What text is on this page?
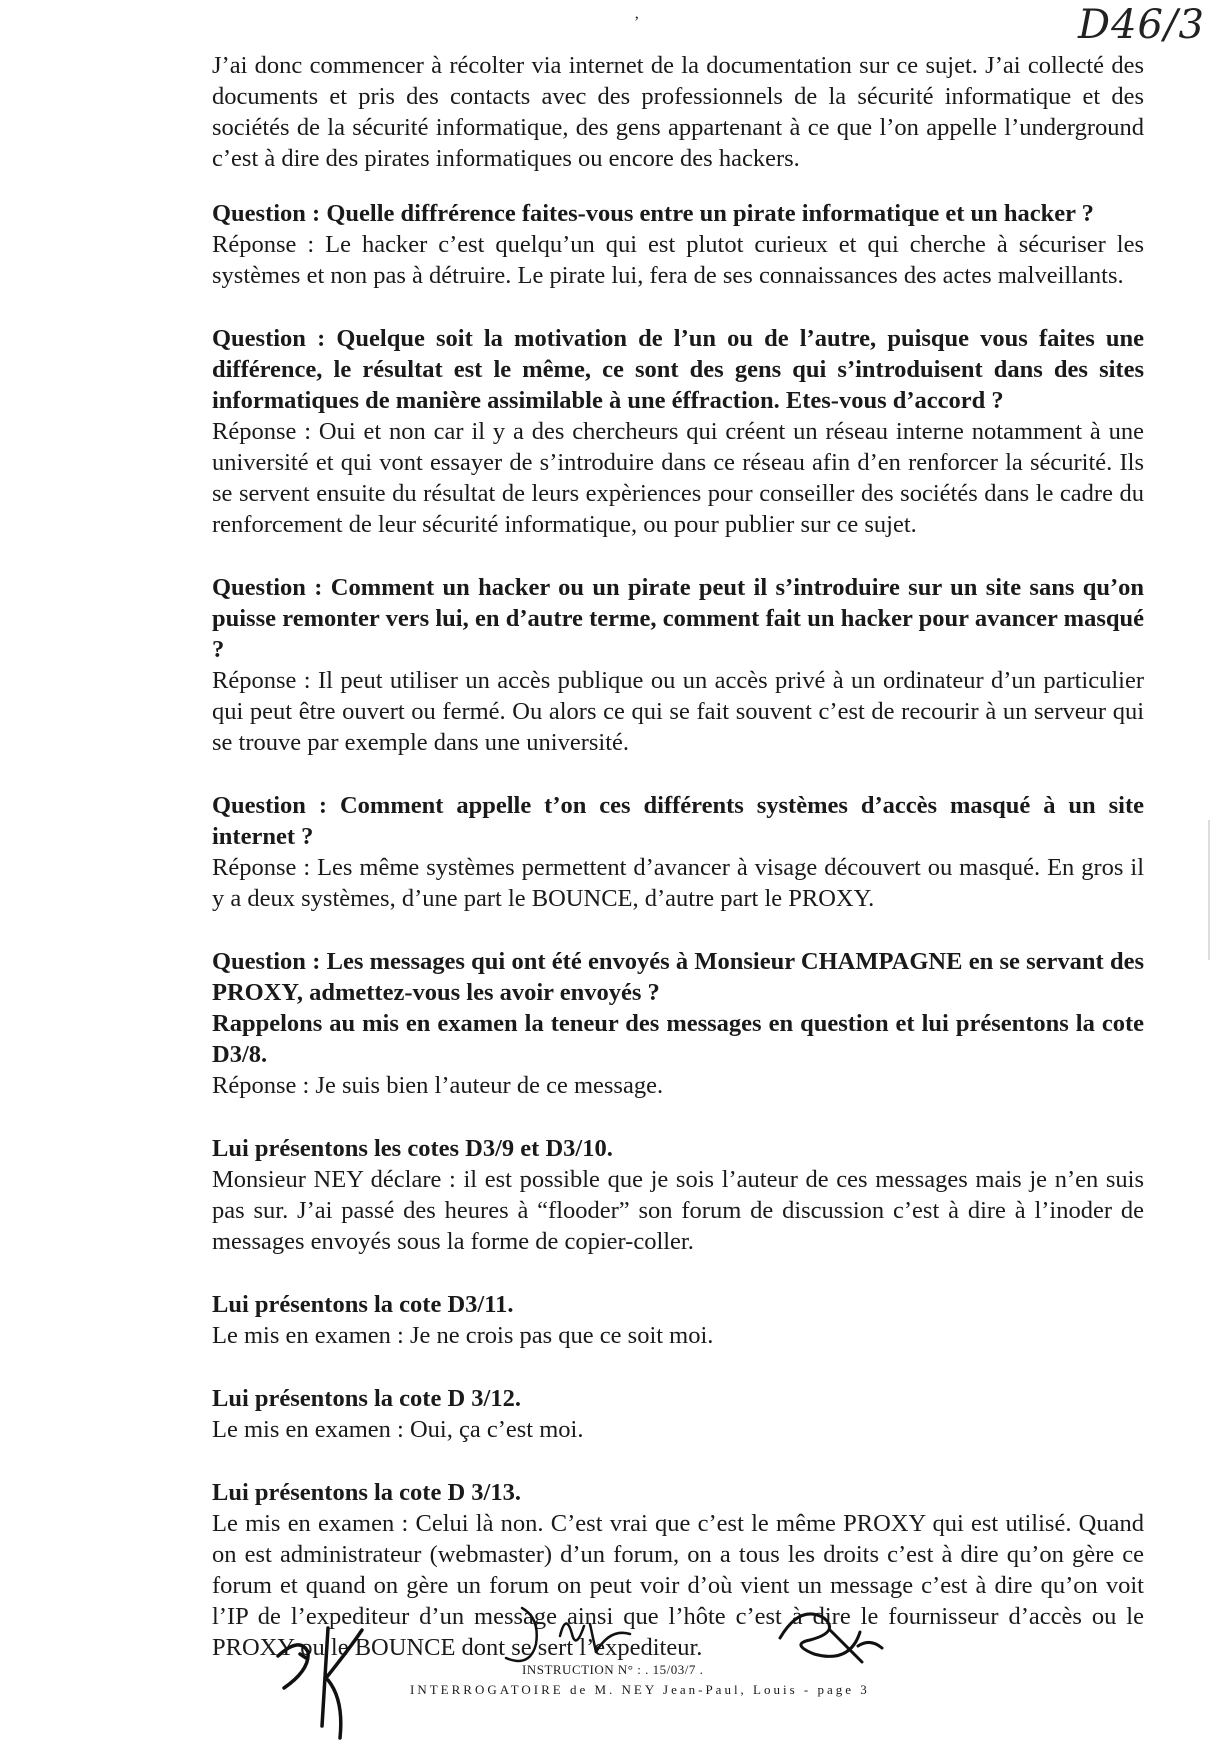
D46/3
’

J’ai donc commencer à récolter via internet de la documentation sur ce sujet. J’ai collecté des documents et pris des contacts avec des professionnels de la sécurité informatique et des sociétés de la sécurité informatique, des gens appartenant à ce que l’on appelle l’underground c’est à dire des pirates informatiques ou encore des hackers.

Question : Quelle diffrérence faites-vous entre un pirate informatique et un hacker ?

Réponse : Le hacker c’est quelqu’un qui est plutot curieux et qui cherche à sécuriser les systèmes et non pas à détruire. Le pirate lui, fera de ses connaissances des actes malveillants.

Question : Quelque soit la motivation de l’un ou de l’autre, puisque vous faites une différence, le résultat est le même, ce sont des gens qui s’introduisent dans des sites informatiques de manière assimilable à une éffraction. Etes-vous d’accord ?

Réponse : Oui et non car il y a des chercheurs qui créent un réseau interne notamment à une université et qui vont essayer de s’introduire dans ce réseau afin d’en renforcer la sécurité. Ils se servent ensuite du résultat de leurs expèriences pour conseiller des sociétés dans le cadre du renforcement de leur sécurité informatique, ou pour publier sur ce sujet.

Question : Comment un hacker ou un pirate peut il s’introduire sur un site sans qu’on puisse remonter vers lui, en d’autre terme, comment fait un hacker pour avancer masqué ?

Réponse : Il peut utiliser un accès publique ou un accès privé à un ordinateur d’un particulier qui peut être ouvert ou fermé. Ou alors ce qui se fait souvent c’est de recourir à un serveur qui se trouve par exemple dans une université.

Question : Comment appelle t’on ces différents systèmes d’accès masqué à un site internet ?

Réponse : Les même systèmes permettent d’avancer à visage découvert ou masqué. En gros il y a deux systèmes, d’une part le BOUNCE, d’autre part le PROXY.

Question : Les messages qui ont été envoyés à Monsieur CHAMPAGNE en se servant des PROXY, admettez-vous les avoir envoyés ?

Rappelons au mis en examen la teneur des messages en question et lui présentons la cote D3/8.

Réponse : Je suis bien l’auteur de ce message.

Lui présentons les cotes D3/9 et D3/10.

Monsieur NEY déclare : il est possible que je sois l’auteur de ces messages mais je n’en suis pas sur. J’ai passé des heures à “flooder” son forum de discussion c’est à dire à l’inoder de messages envoyés sous la forme de copier-coller.

Lui présentons la cote D3/11.

Le mis en examen : Je ne crois pas que ce soit moi.

Lui présentons la cote D 3/12.

Le mis en examen : Oui, ça c’est moi.

Lui présentons la cote D 3/13.

Le mis en examen : Celui là non. C’est vrai que c’est le même PROXY qui est utilisé. Quand on est administrateur (webmaster) d’un forum, on a tous les droits c’est à dire qu’on gère ce forum et quand on gère un forum on peut voir d’où vient un message c’est à dire qu’on voit l’IP de l’expediteur d’un message ainsi que l’hôte c’est à dire le fournisseur d’accès ou le PROXY ou le BOUNCE dont se sert l’expediteur.

INSTRUCTION N° : . 15/03/7 .
INTERROGATOIRE de M. NEY Jean-Paul, Louis - page 3
